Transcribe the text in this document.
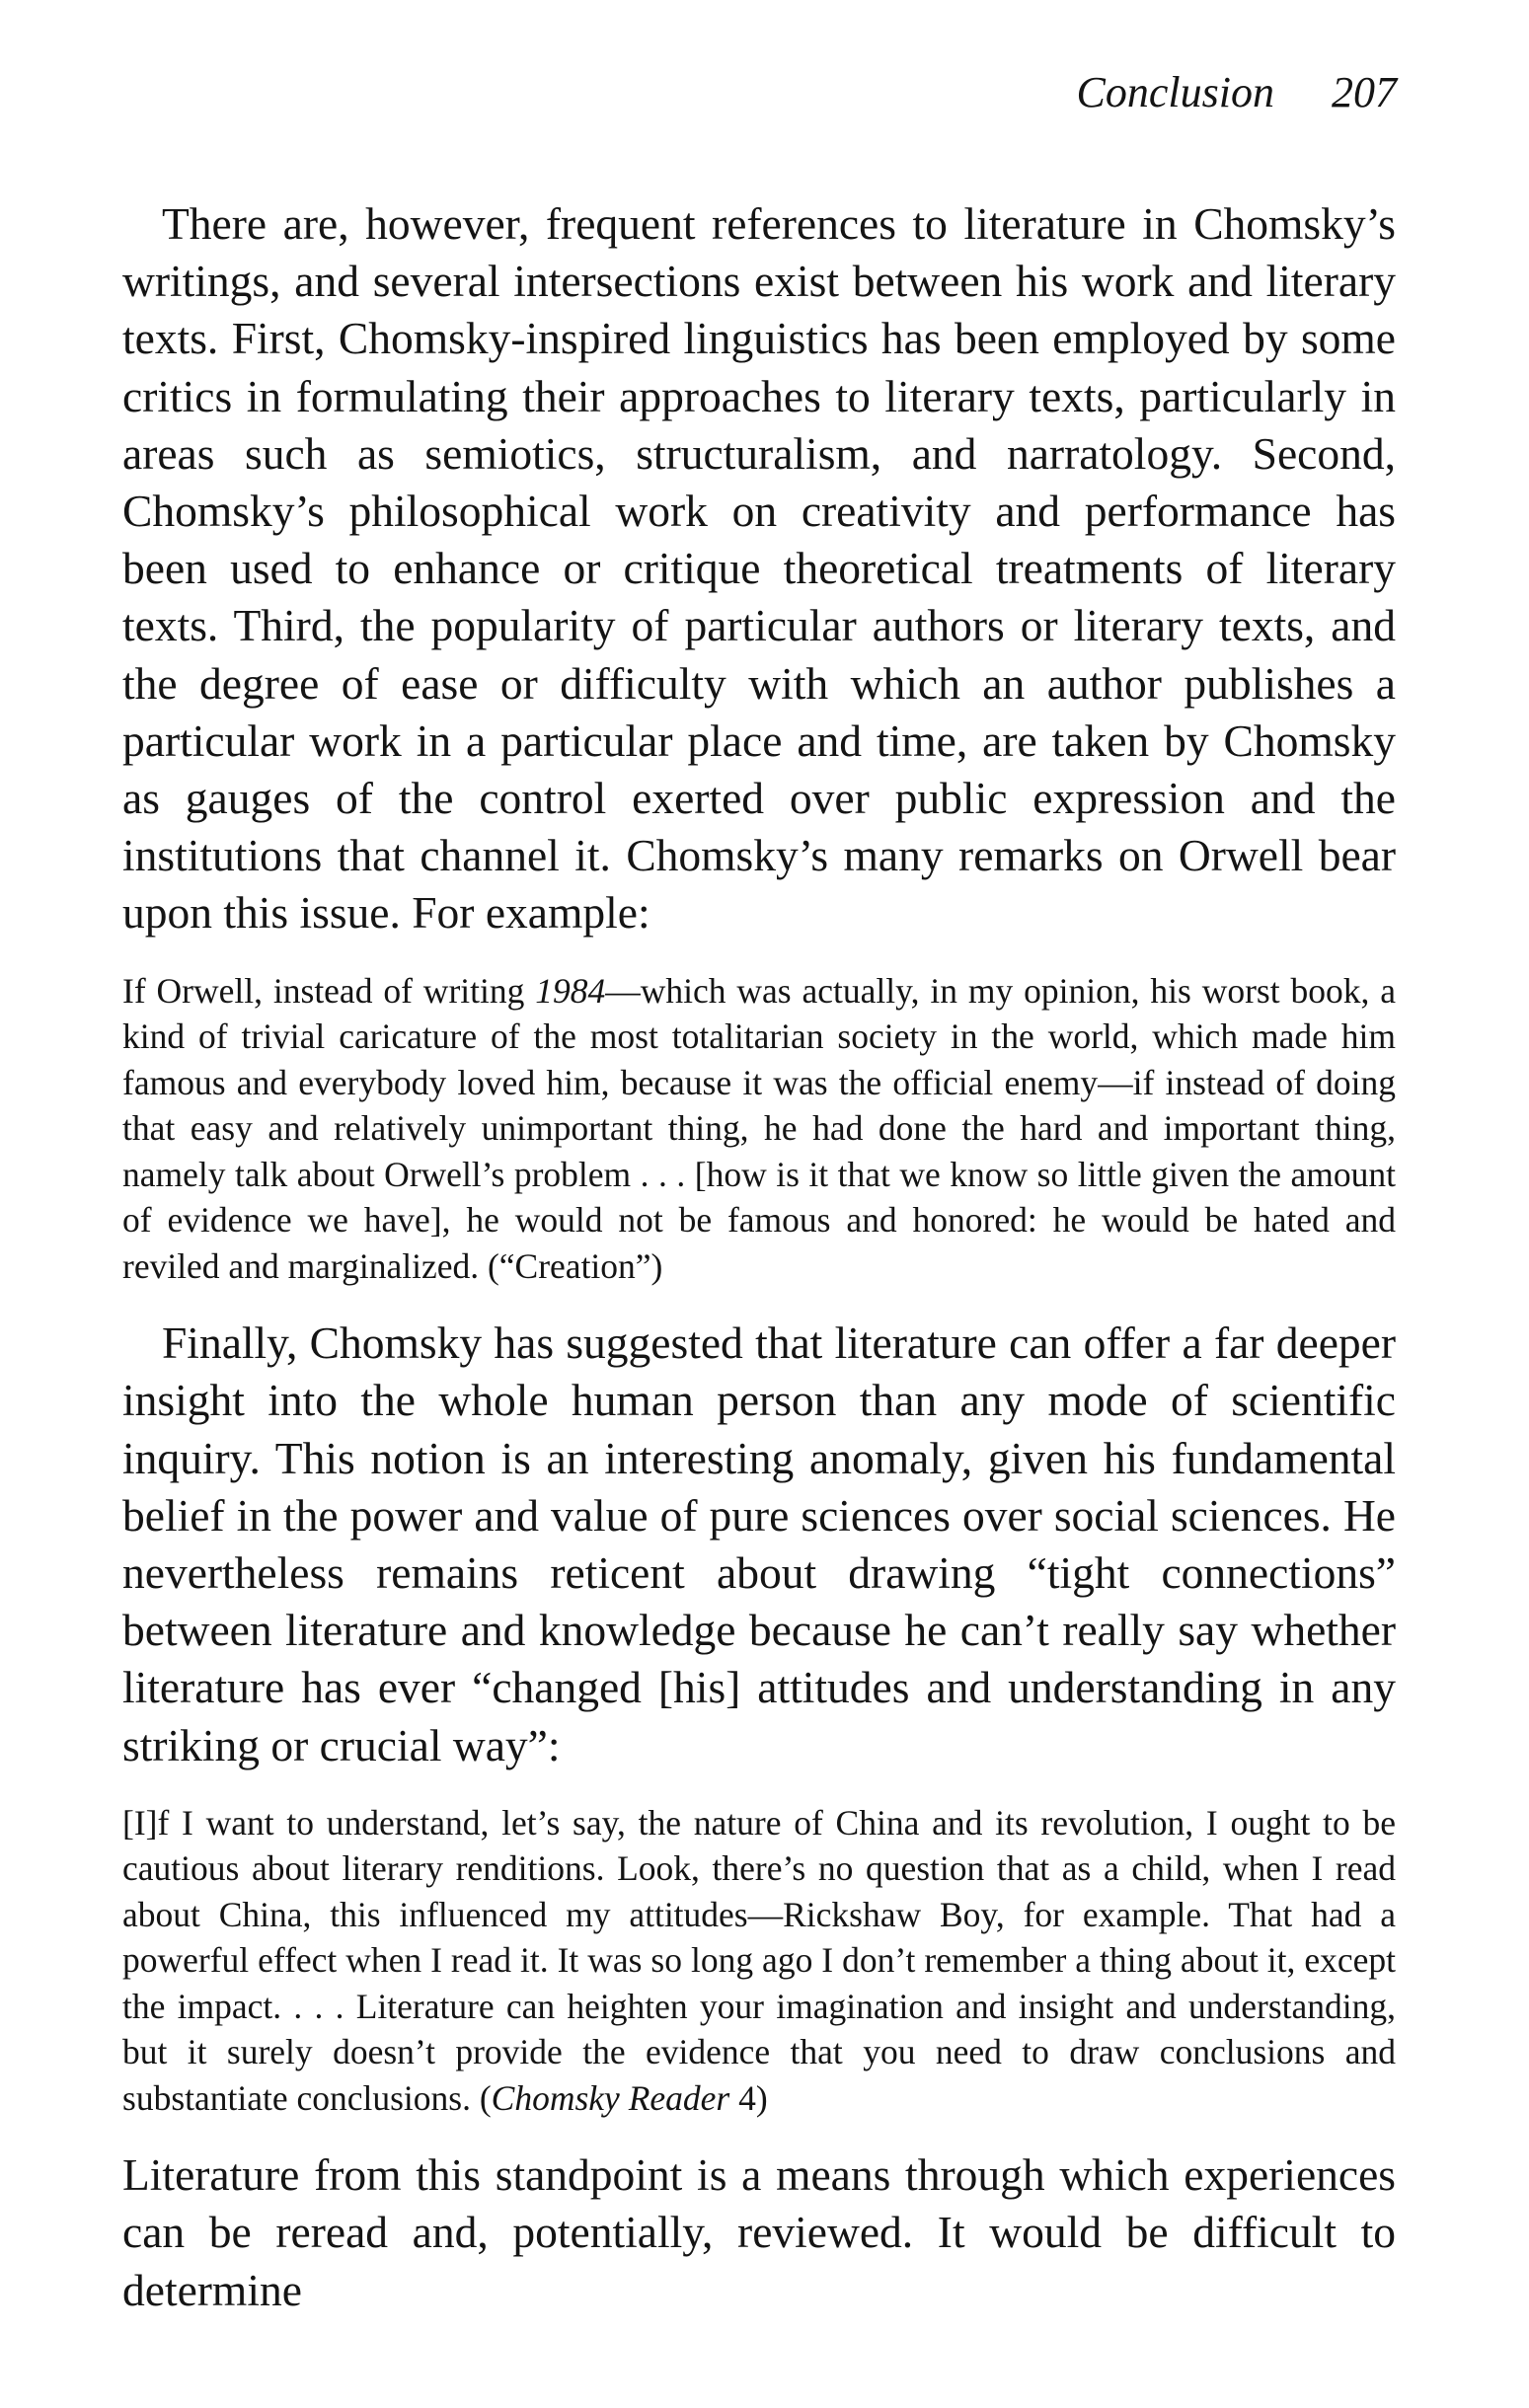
Conclusion 207

There are, however, frequent references to literature in Chomsky’s writings, and several intersections exist between his work and literary texts. First, Chomsky-inspired linguistics has been employed by some critics in formulating their approaches to literary texts, particularly in areas such as semiotics, structuralism, and narratology. Second, Chomsky’s philosophical work on creativity and performance has been used to enhance or critique theoretical treatments of literary texts. Third, the popularity of particular authors or literary texts, and the degree of ease or difficulty with which an author publishes a particular work in a particular place and time, are taken by Chomsky as gauges of the control exerted over public expression and the institutions that channel it. Chomsky’s many remarks on Orwell bear upon this issue. For example:

If Orwell, instead of writing 1984—which was actually, in my opinion, his worst book, a kind of trivial caricature of the most totalitarian society in the world, which made him famous and everybody loved him, because it was the official enemy—if instead of doing that easy and relatively unimportant thing, he had done the hard and important thing, namely talk about Orwell’s problem . . . [how is it that we know so little given the amount of evidence we have], he would not be famous and honored: he would be hated and reviled and marginalized. (“Creation”)

Finally, Chomsky has suggested that literature can offer a far deeper insight into the whole human person than any mode of scientific inquiry. This notion is an interesting anomaly, given his fundamental belief in the power and value of pure sciences over social sciences. He nevertheless remains reticent about drawing “tight connections” between literature and knowledge because he can’t really say whether literature has ever “changed [his] attitudes and understanding in any striking or crucial way”:

[I]f I want to understand, let’s say, the nature of China and its revolution, I ought to be cautious about literary renditions. Look, there’s no question that as a child, when I read about China, this influenced my attitudes—Rickshaw Boy, for example. That had a powerful effect when I read it. It was so long ago I don’t remember a thing about it, except the impact. . . . Literature can heighten your imagination and insight and understanding, but it surely doesn’t provide the evidence that you need to draw conclusions and substantiate conclusions. (Chomsky Reader 4)

Literature from this standpoint is a means through which experiences can be reread and, potentially, reviewed. It would be difficult to determine
